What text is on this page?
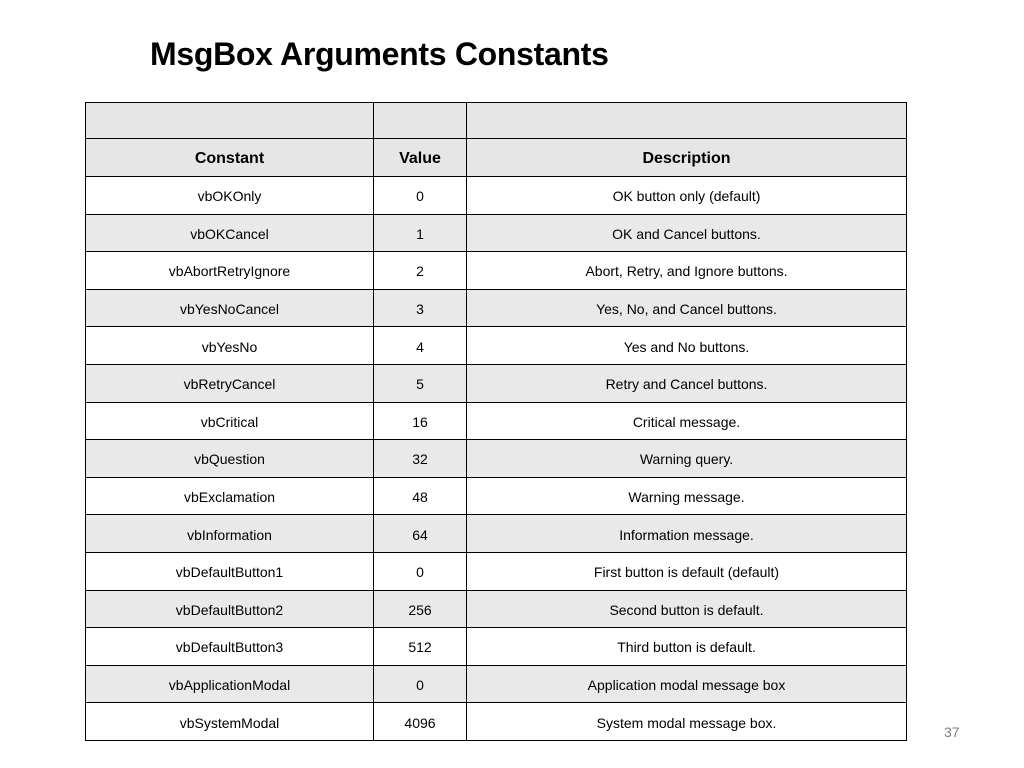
MsgBox Arguments Constants

Constant	Value	Description
vbOKOnly	0	OK button only (default)
vbOKCancel	1	OK and Cancel buttons.
vbAbortRetryIgnore	2	Abort, Retry, and Ignore buttons.
vbYesNoCancel	3	Yes, No, and Cancel buttons.
vbYesNo	4	Yes and No buttons.
vbRetryCancel	5	Retry and Cancel buttons.
vbCritical	16	Critical message.
vbQuestion	32	Warning query.
vbExclamation	48	Warning message.
vbInformation	64	Information message.
vbDefaultButton1	0	First button is default (default)
vbDefaultButton2	256	Second button is default.
vbDefaultButton3	512	Third button is default.
vbApplicationModal	0	Application modal message box
vbSystemModal	4096	System modal message box.
37
